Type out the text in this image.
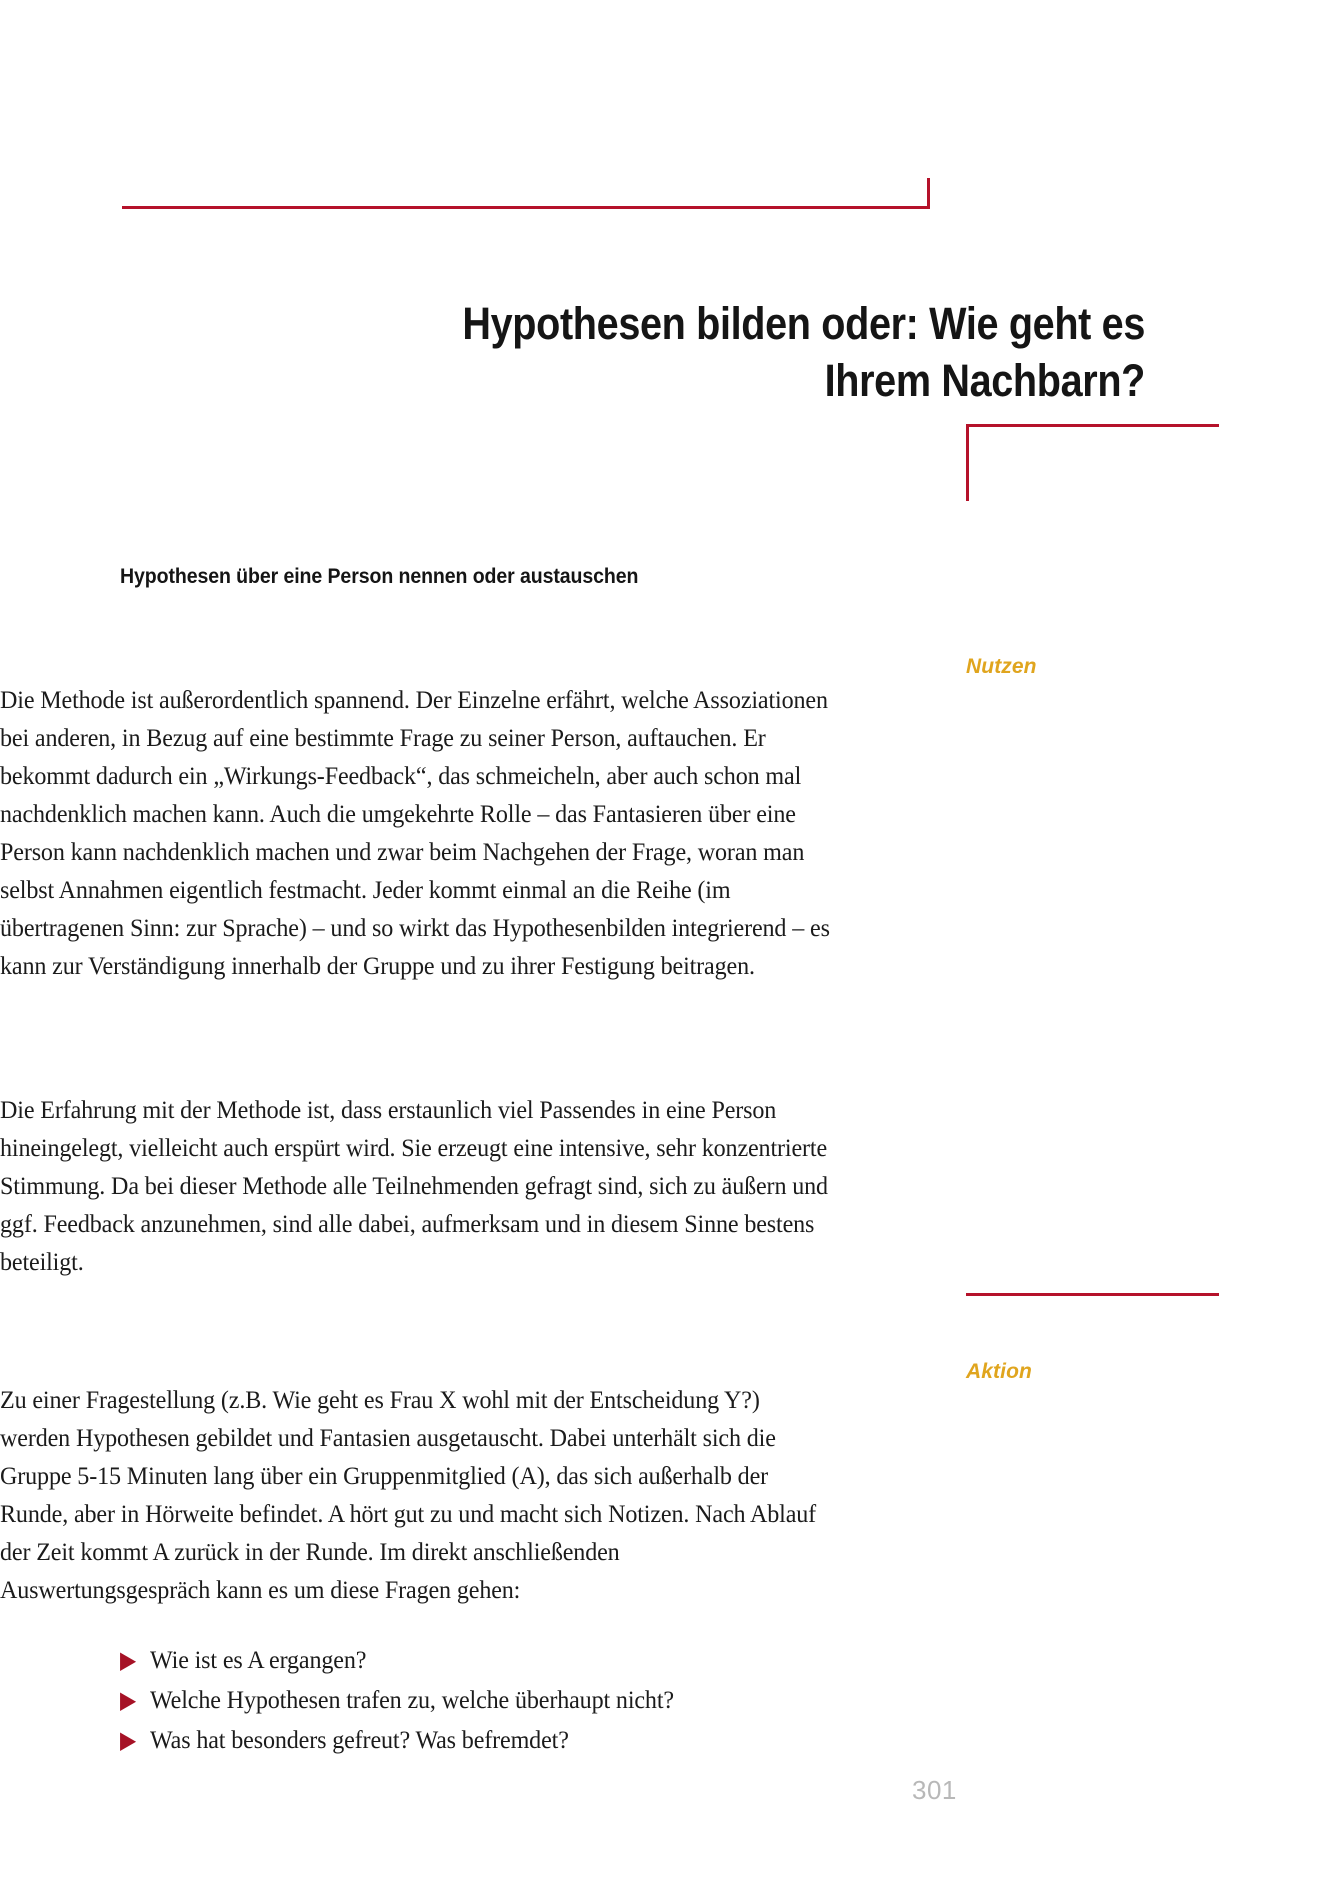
Hypothesen bilden oder: Wie geht es
Ihrem Nachbarn?
Hypothesen über eine Person nennen oder austauschen

Die Methode ist außerordentlich spannend. Der Einzelne erfährt, welche Assoziationen bei anderen, in Bezug auf eine bestimmte Frage zu seiner Person, auftauchen. Er bekommt dadurch ein „Wirkungs-Feedback“, das schmeicheln, aber auch schon mal nachdenklich machen kann. Auch die umgekehrte Rolle – das Fantasieren über eine Person kann nachdenklich machen und zwar beim Nachgehen der Frage, woran man selbst Annahmen eigentlich festmacht. Jeder kommt einmal an die Reihe (im übertragenen Sinn: zur Sprache) – und so wirkt das Hypothesenbilden integrierend – es kann zur Verständigung innerhalb der Gruppe und zu ihrer Festigung beitragen.

Die Erfahrung mit der Methode ist, dass erstaunlich viel Passendes in eine Person hineingelegt, vielleicht auch erspürt wird. Sie erzeugt eine intensive, sehr konzentrierte Stimmung. Da bei dieser Methode alle Teilnehmenden gefragt sind, sich zu äußern und ggf. Feedback anzunehmen, sind alle dabei, aufmerksam und in diesem Sinne bestens beteiligt.

Zu einer Fragestellung (z.B. Wie geht es Frau X wohl mit der Entscheidung Y?) werden Hypothesen gebildet und Fantasien ausgetauscht. Dabei unterhält sich die Gruppe 5-15 Minuten lang über ein Gruppenmitglied (A), das sich außerhalb der Runde, aber in Hörweite befindet. A hört gut zu und macht sich Notizen. Nach Ablauf der Zeit kommt A zurück in der Runde. Im direkt anschließenden Auswertungsgespräch kann es um diese Fragen gehen:

▶ Wie ist es A ergangen?
▶ Welche Hypothesen trafen zu, welche überhaupt nicht?
▶ Was hat besonders gefreut? Was befremdet?
Nutzen
Aktion
301
